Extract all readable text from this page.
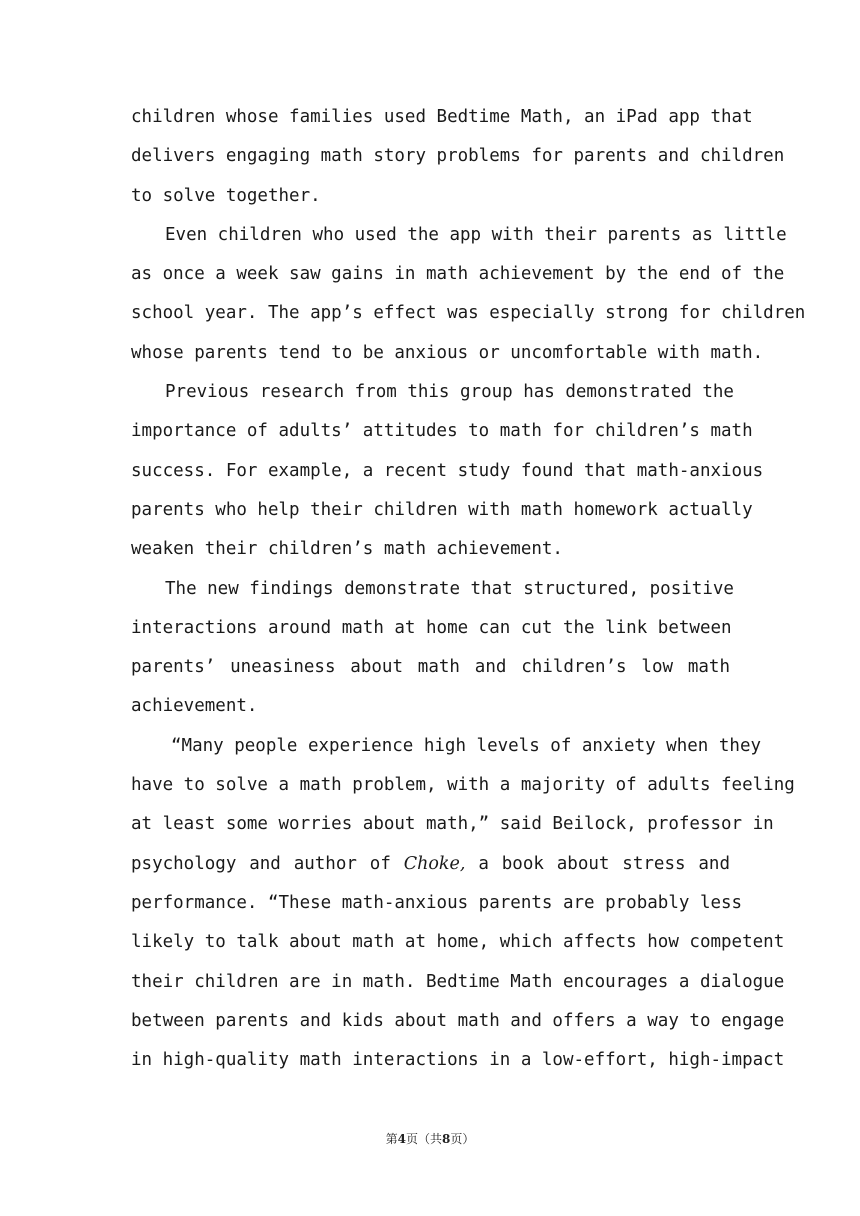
children whose families used Bedtime Math, an iPad app that
delivers engaging math story problems for parents and children
to solve together.
Even children who used the app with their parents as little
as once a week saw gains in math achievement by the end of the
school year. The app’s effect was especially strong for children
whose parents tend to be anxious or uncomfortable with math.
Previous research from this group has demonstrated the
importance of adults’ attitudes to math for children’s math
success. For example, a recent study found that math-anxious
parents who help their children with math homework actually
weaken their children’s math achievement.
The new findings demonstrate that structured, positive
interactions around math at home can cut the link between
parents’ uneasiness about math and children’s low math
achievement.
“Many people experience high levels of anxiety when they
have to solve a math problem, with a majority of adults feeling
at least some worries about math,” said Beilock, professor in
psychology and author of Choke, a book about stress and
performance. “These math-anxious parents are probably less
likely to talk about math at home, which affects how competent
their children are in math. Bedtime Math encourages a dialogue
between parents and kids about math and offers a way to engage
in high-quality math interactions in a low-effort, high-impact
第4页（共8页）
